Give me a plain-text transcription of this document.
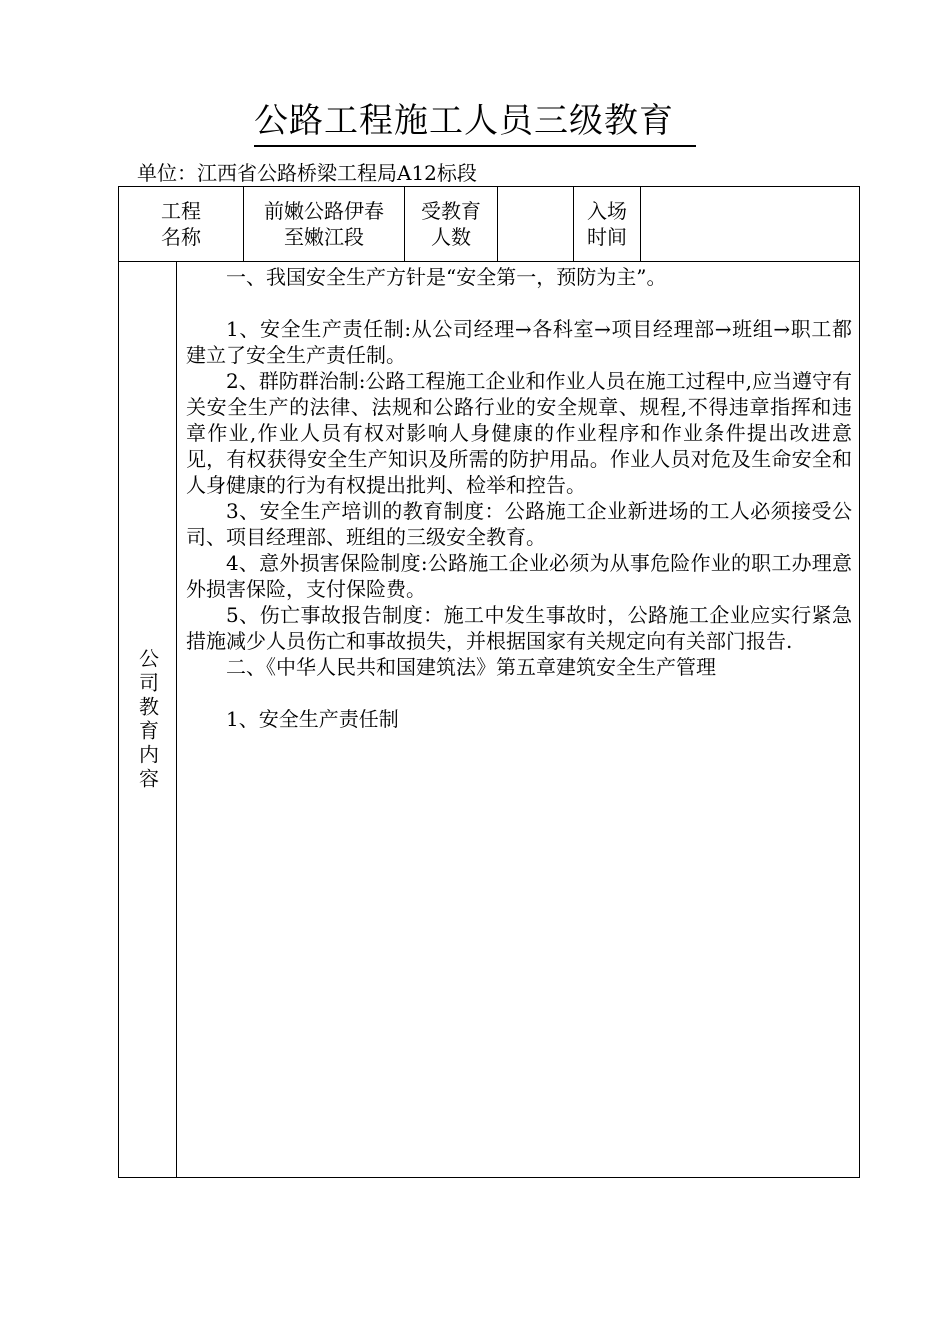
公路工程施工人员三级教育
单位：江西省公路桥梁工程局A12标段
工程
名称
前嫩公路伊春
至嫩江段
受教育
人数
入场
时间
公司教育内容

一、我国安全生产方针是“安全第一，预防为主”。

1、安全生产责任制:从公司经理→各科室→项目经理部→班组→职工都建立了安全生产责任制。

2、群防群治制:公路工程施工企业和作业人员在施工过程中,应当遵守有关安全生产的法律、法规和公路行业的安全规章、规程,不得违章指挥和违章作业,作业人员有权对影响人身健康的作业程序和作业条件提出改进意见，有权获得安全生产知识及所需的防护用品。作业人员对危及生命安全和人身健康的行为有权提出批判、检举和控告。

3、安全生产培训的教育制度：公路施工企业新进场的工人必须接受公司、项目经理部、班组的三级安全教育。

4、意外损害保险制度:公路施工企业必须为从事危险作业的职工办理意外损害保险，支付保险费。

5、伤亡事故报告制度：施工中发生事故时，公路施工企业应实行紧急措施减少人员伤亡和事故损失，并根据国家有关规定向有关部门报告.

二、《中华人民共和国建筑法》第五章建筑安全生产管理

1、安全生产责任制
